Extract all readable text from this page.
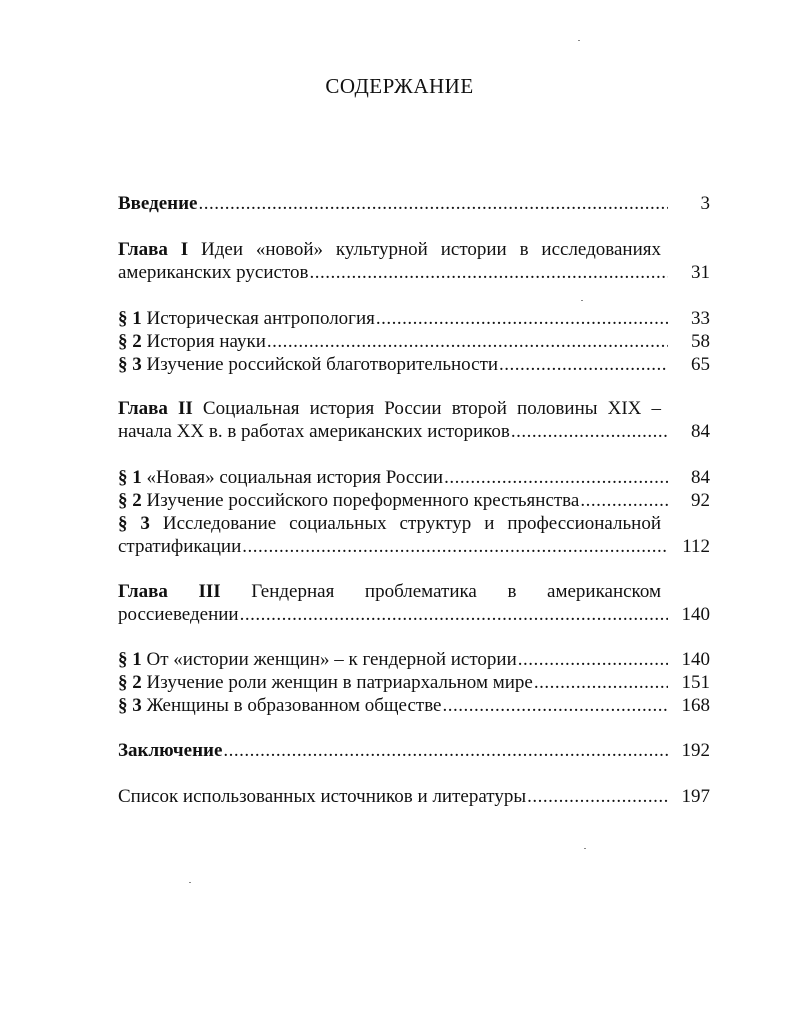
СОДЕРЖАНИЕ
Введение .....	3
Глава I Идеи «новой» культурной истории в исследованиях
американских русистов .....	31
§ 1 Историческая антропология .....	33
§ 2 История науки .....	58
§ 3 Изучение российской благотворительности .....	65
Глава II Социальная история России второй половины XIX –
начала XX в. в работах американских историков .....	84
§ 1 «Новая» социальная история России .....	84
§ 2 Изучение российского пореформенного крестьянства .....	92
§ 3 Исследование социальных структур и профессиональной
стратификации .....	112
Глава III Гендерная проблематика в американском
россиеведении .....	140
§ 1 От «истории женщин» – к гендерной истории .....	140
§ 2 Изучение роли женщин в патриархальном мире .....	151
§ 3 Женщины в образованном обществе .....	168
Заключение .....	192
Список использованных источников и литературы .....	197
